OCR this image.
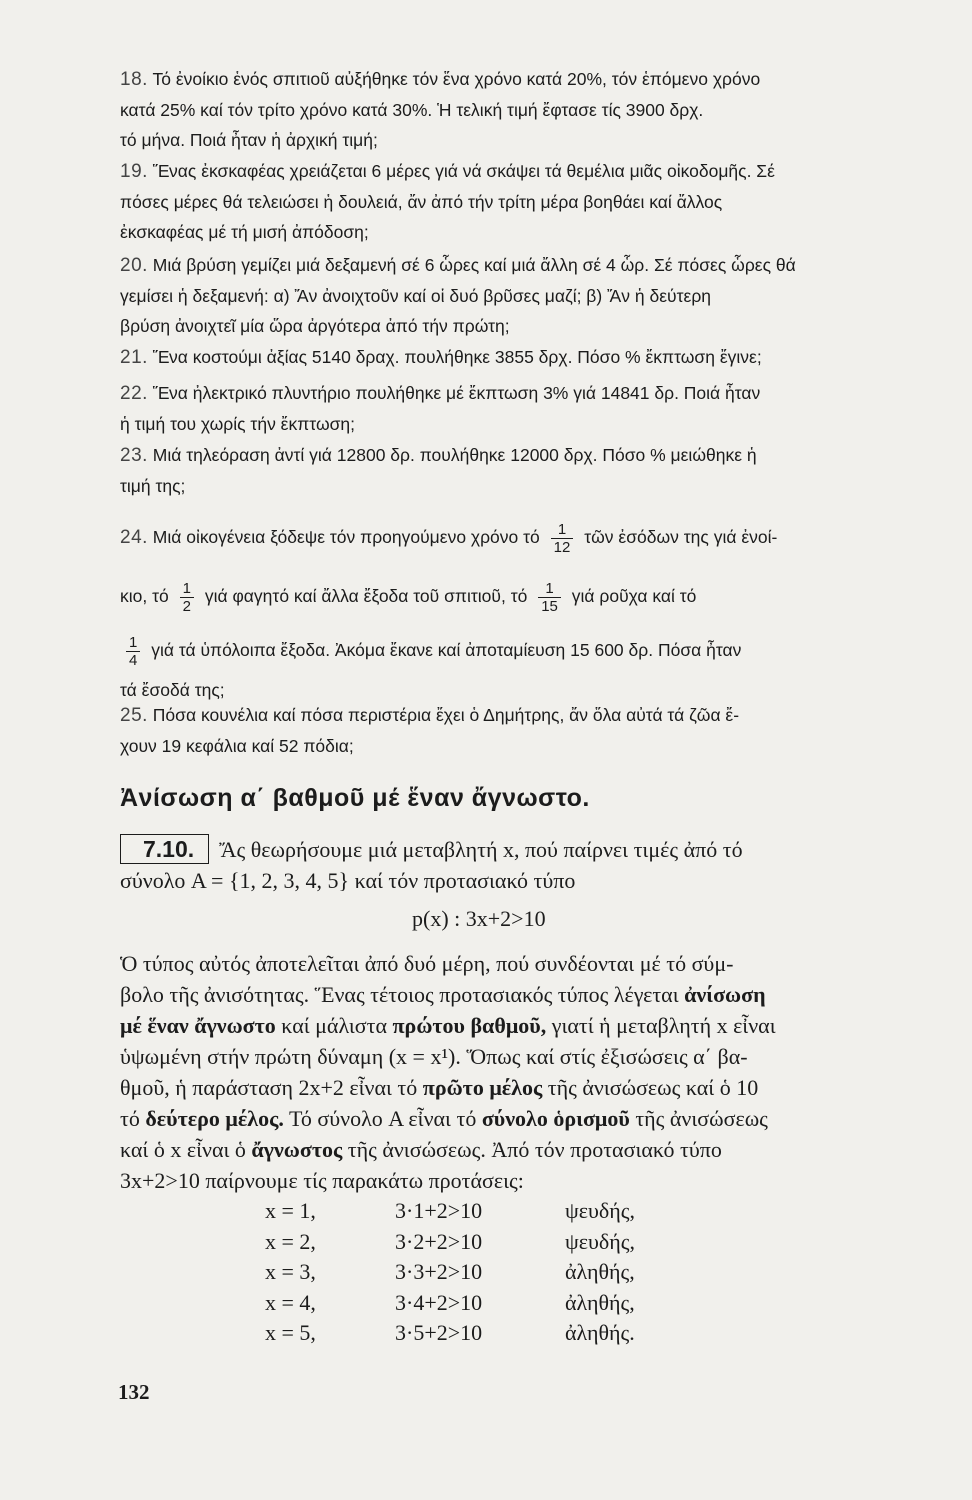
18. Τό ἐνοίκιο ἑνός σπιτιοῦ αὐξήθηκε τόν ἕνα χρόνο κατά 20%, τόν ἑπόμενο χρόνο
κατά 25% καί τόν τρίτο χρόνο κατά 30%. Ἡ τελική τιμή ἔφτασε τίς 3900 δρχ.
τό μήνα. Ποιά ἦταν ἡ ἀρχική τιμή;
19. Ἕνας ἐκσκαφέας χρειάζεται 6 μέρες γιά νά σκάψει τά θεμέλια μιᾶς οἰκοδομῆς. Σέ
πόσες μέρες θά τελειώσει ἡ δουλειά, ἄν ἀπό τήν τρίτη μέρα βοηθάει καί ἄλλος
ἐκσκαφέας μέ τή μισή ἀπόδοση;
20. Μιά βρύση γεμίζει μιά δεξαμενή σέ 6 ὧρες καί μιά ἄλλη σέ 4 ὧρ. Σέ πόσες ὧρες θά
γεμίσει ἡ δεξαμενή: α) Ἄν ἀνοιχτοῦν καί οἱ δυό βρῦσες μαζί; β) Ἄν ἡ δεύτερη
βρύση ἀνοιχτεῖ μία ὥρα ἀργότερα ἀπό τήν πρώτη;
21. Ἕνα κοστούμι ἀξίας 5140 δραχ. πουλήθηκε 3855 δρχ. Πόσο % ἔκπτωση ἔγινε;
22. Ἕνα ἠλεκτρικό πλυντήριο πουλήθηκε μέ ἔκπτωση 3% γιά 14841 δρ. Ποιά ἦταν
ἡ τιμή του χωρίς τήν ἔκπτωση;
23. Μιά τηλεόραση ἀντί γιά 12800 δρ. πουλήθηκε 12000 δρχ. Πόσο % μειώθηκε ἡ
τιμή της;
24. Μιά οἰκογένεια ξόδεψε τόν προηγούμενο χρόνο τό $\frac{1}{12}$ τῶν ἐσόδων της γιά ἐνοί-
κιο, τό $\frac{1}{2}$ γιά φαγητό καί ἄλλα ἔξοδα τοῦ σπιτιοῦ, τό $\frac{1}{15}$ γιά ροῦχα καί τό
$\frac{1}{4}$ γιά τά ὑπόλοιπα ἔξοδα. Ἀκόμα ἔκανε καί ἀποταμίευση 15 600 δρ. Πόσα ἦταν
τά ἔσοδά της;
25. Πόσα κουνέλια καί πόσα περιστέρια ἔχει ὁ Δημήτρης, ἄν ὅλα αὐτά τά ζῶα ἔ-
χουν 19 κεφάλια καί 52 πόδια;
Ἀνίσωση α΄ βαθμοῦ μέ ἕναν ἄγνωστο.
7.10. Ἄς θεωρήσουμε μιά μεταβλητή x, πού παίρνει τιμές ἀπό τό
σύνολο A = {1, 2, 3, 4, 5} καί τόν προτασιακό τύπο
p(x) : 3x+2>10
Ὁ τύπος αὐτός ἀποτελεῖται ἀπό δυό μέρη, πού συνδέονται μέ τό σύμ-
βολο τῆς ἀνισότητας. Ἕνας τέτοιος προτασιακός τύπος λέγεται ἀνίσωση
μέ ἕναν ἄγνωστο καί μάλιστα πρώτου βαθμοῦ, γιατί ἡ μεταβλητή x εἶναι
ὑψωμένη στήν πρώτη δύναμη (x = x¹). Ὅπως καί στίς ἐξισώσεις α΄ βα-
θμοῦ, ἡ παράσταση 2x+2 εἶναι τό πρῶτο μέλος τῆς ἀνισώσεως καί ὁ 10
τό δεύτερο μέλος. Τό σύνολο A εἶναι τό σύνολο ὁρισμοῦ τῆς ἀνισώσεως
καί ὁ x εἶναι ὁ ἄγνωστος τῆς ἀνισώσεως. Ἀπό τόν προτασιακό τύπο
3x+2>10 παίρνουμε τίς παρακάτω προτάσεις:
x = 1,	3·1+2>10	ψευδής,
x = 2,	3·2+2>10	ψευδής,
x = 3,	3·3+2>10	ἀληθής,
x = 4,	3·4+2>10	ἀληθής,
x = 5,	3·5+2>10	ἀληθής.
132
